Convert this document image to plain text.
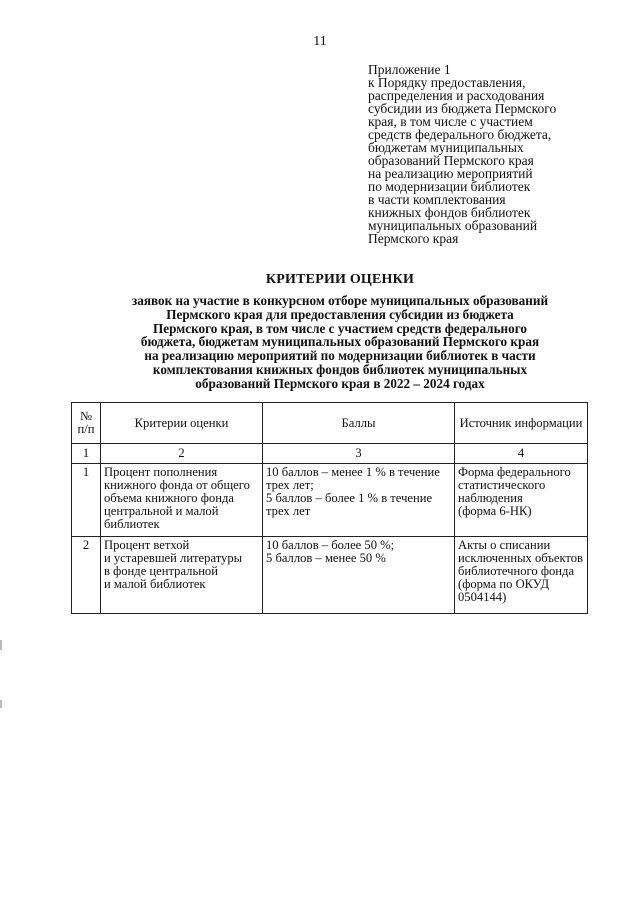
11
Приложение 1
к Порядку предоставления,
распределения и расходования
субсидии из бюджета Пермского
края, в том числе с участием
средств федерального бюджета,
бюджетам муниципальных
образований Пермского края
на реализацию мероприятий
по модернизации библиотек
в части комплектования
книжных фондов библиотек
муниципальных образований
Пермского края
КРИТЕРИИ ОЦЕНКИ
заявок на участие в конкурсном отборе муниципальных образований
Пермского края для предоставления субсидии из бюджета
Пермского края, в том числе с участием средств федерального
бюджета, бюджетам муниципальных образований Пермского края
на реализацию мероприятий по модернизации библиотек в части
комплектования книжных фондов библиотек муниципальных
образований Пермского края в 2022 – 2024 годах
№
п/п	Критерии оценки	Баллы	Источник информации
1	2	3	4
1	Процент пополнения
книжного фонда от общего
объема книжного фонда
центральной и малой
библиотек	10 баллов – менее 1 % в течение
трех лет;
5 баллов – более 1 % в течение
трех лет	Форма федерального
статистического
наблюдения
(форма 6-НК)

2	Процент ветхой
и устаревшей литературы
в фонде центральной
и малой библиотек	10 баллов – более 50 %;
5 баллов – менее 50 %	Акты о списании
исключенных объектов
библиотечного фонда
(форма по ОКУД
0504144)
